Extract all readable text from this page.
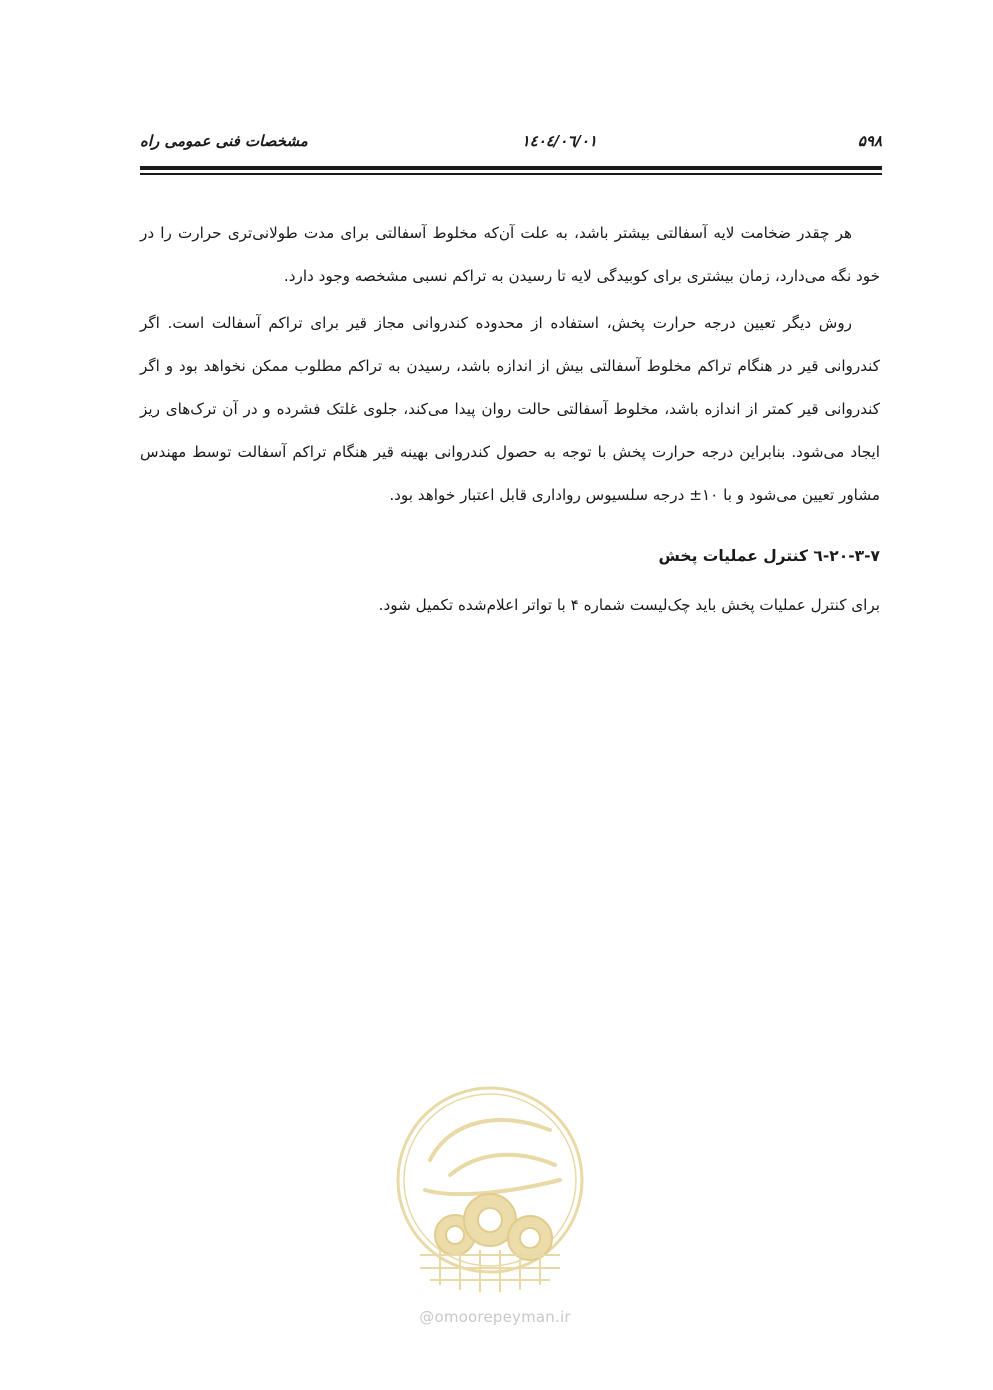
۵۹۸
١٤٠٤/٠٦/٠١
مشخصات فنی عمومی راه

هر چقدر ضخامت لایه آسفالتی بیشتر باشد، به علت آن‌که مخلوط آسفالتی برای مدت طولانی‌تری حرارت را در خود نگه می‌دارد، زمان بیشتری برای کوبیدگی لایه تا رسیدن به تراکم نسبی مشخصه وجود دارد.

روش دیگر تعیین درجه حرارت پخش، استفاده از محدوده کندروانی مجاز قیر برای تراکم آسفالت است. اگر کندروانی قیر در هنگام تراکم مخلوط آسفالتی بیش از اندازه باشد، رسیدن به تراکم مطلوب ممکن نخواهد بود و اگر کندروانی قیر کمتر از اندازه باشد، مخلوط آسفالتی حالت روان پیدا می‌کند، جلوی غلتک فشرده و در آن ترک‌های ریز ایجاد می‌شود. بنابراین درجه حرارت پخش با توجه به حصول کندروانی بهینه قیر هنگام تراکم آسفالت توسط مهندس مشاور تعیین می‌شود و با ۱۰± درجه سلسیوس رواداری قابل اعتبار خواهد بود.

۲۰-۳-۷-٦ کنترل عملیات پخش

برای کنترل عملیات پخش باید چک‌لیست شماره ۴ با تواتر اعلام‌شده تکمیل شود.

@omoorepeyman.ir
